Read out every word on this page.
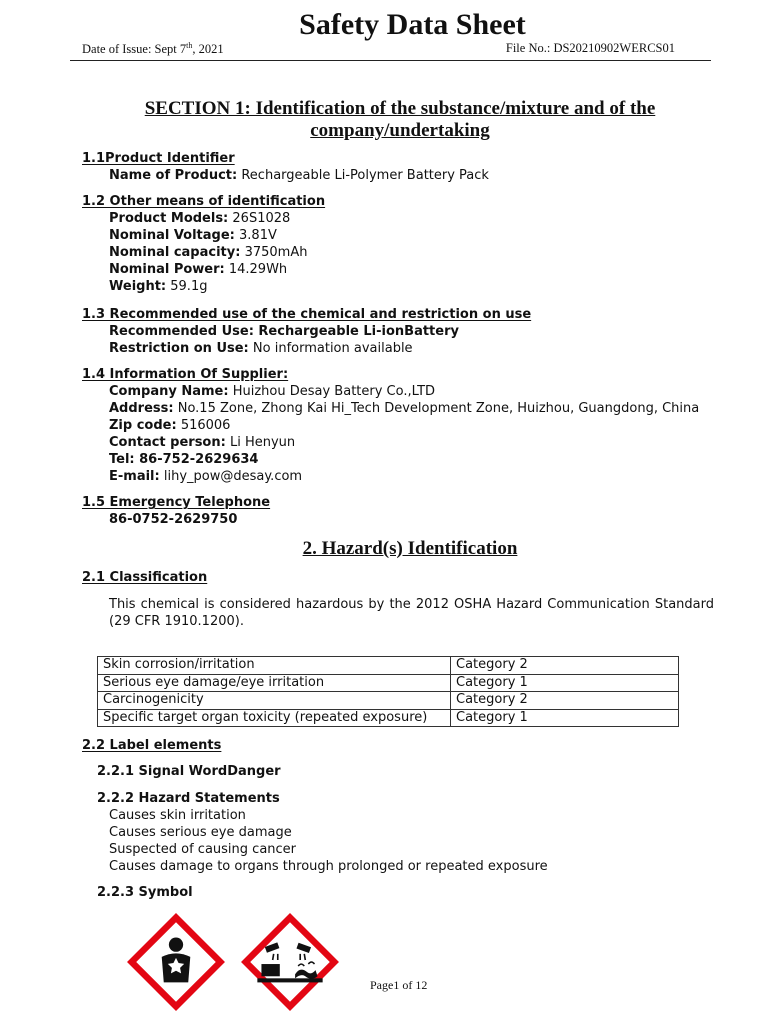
Safety Data Sheet
Date of Issue: Sept 7th, 2021	File No.: DS20210902WERCS01
SECTION 1: Identification of the substance/mixture and of the
company/undertaking
1.1Product Identifier
Name of Product: Rechargeable Li-Polymer Battery Pack
1.2 Other means of identification
Product Models: 26S1028
Nominal Voltage: 3.81V
Nominal capacity: 3750mAh
Nominal Power: 14.29Wh
Weight: 59.1g
1.3 Recommended use of the chemical and restriction on use
Recommended Use: Rechargeable Li-ionBattery
Restriction on Use: No information available
1.4 Information Of Supplier:
Company Name: Huizhou Desay Battery Co.,LTD
Address: No.15 Zone, Zhong Kai Hi_Tech Development Zone, Huizhou, Guangdong, China
Zip code: 516006
Contact person: Li Henyun
Tel: 86-752-2629634
E-mail: lihy_pow@desay.com
1.5 Emergency Telephone
86-0752-2629750
2. Hazard(s) Identification
2.1 Classification
This chemical is considered hazardous by the 2012 OSHA Hazard Communication Standard (29 CFR 1910.1200).
Skin corrosion/irritation	Category 2
Serious eye damage/eye irritation	Category 1
Carcinogenicity	Category 2
Specific target organ toxicity (repeated exposure)	Category 1
2.2 Label elements
2.2.1 Signal WordDanger
2.2.2 Hazard Statements
Causes skin irritation
Causes serious eye damage
Suspected of causing cancer
Causes damage to organs through prolonged or repeated exposure
2.2.3 Symbol
Page1 of 12
